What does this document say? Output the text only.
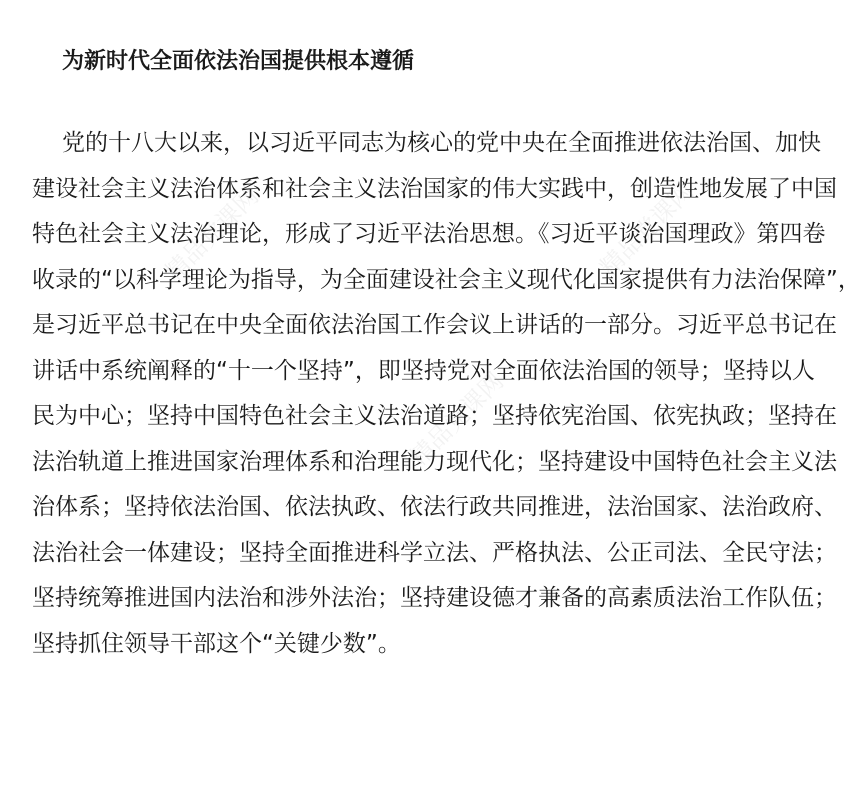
为新时代全面依法治国提供根本遵循
党的十八大以来，以习近平同志为核心的党中央在全面推进依法治国、加快
建设社会主义法治体系和社会主义法治国家的伟大实践中，创造性地发展了中国
特色社会主义法治理论，形成了习近平法治思想。《习近平谈治国理政》第四卷
收录的“以科学理论为指导，为全面建设社会主义现代化国家提供有力法治保障”，
是习近平总书记在中央全面依法治国工作会议上讲话的一部分。习近平总书记在
讲话中系统阐释的“十一个坚持”，即坚持党对全面依法治国的领导；坚持以人
民为中心；坚持中国特色社会主义法治道路；坚持依宪治国、依宪执政；坚持在
法治轨道上推进国家治理体系和治理能力现代化；坚持建设中国特色社会主义法
治体系；坚持依法治国、依法执政、依法行政共同推进，法治国家、法治政府、
法治社会一体建设；坚持全面推进科学立法、严格执法、公正司法、全民守法；
坚持统筹推进国内法治和涉外法治；坚持建设德才兼备的高素质法治工作队伍；
坚持抓住领导干部这个“关键少数”。
精品党课网
精品党课网
精品党课网
